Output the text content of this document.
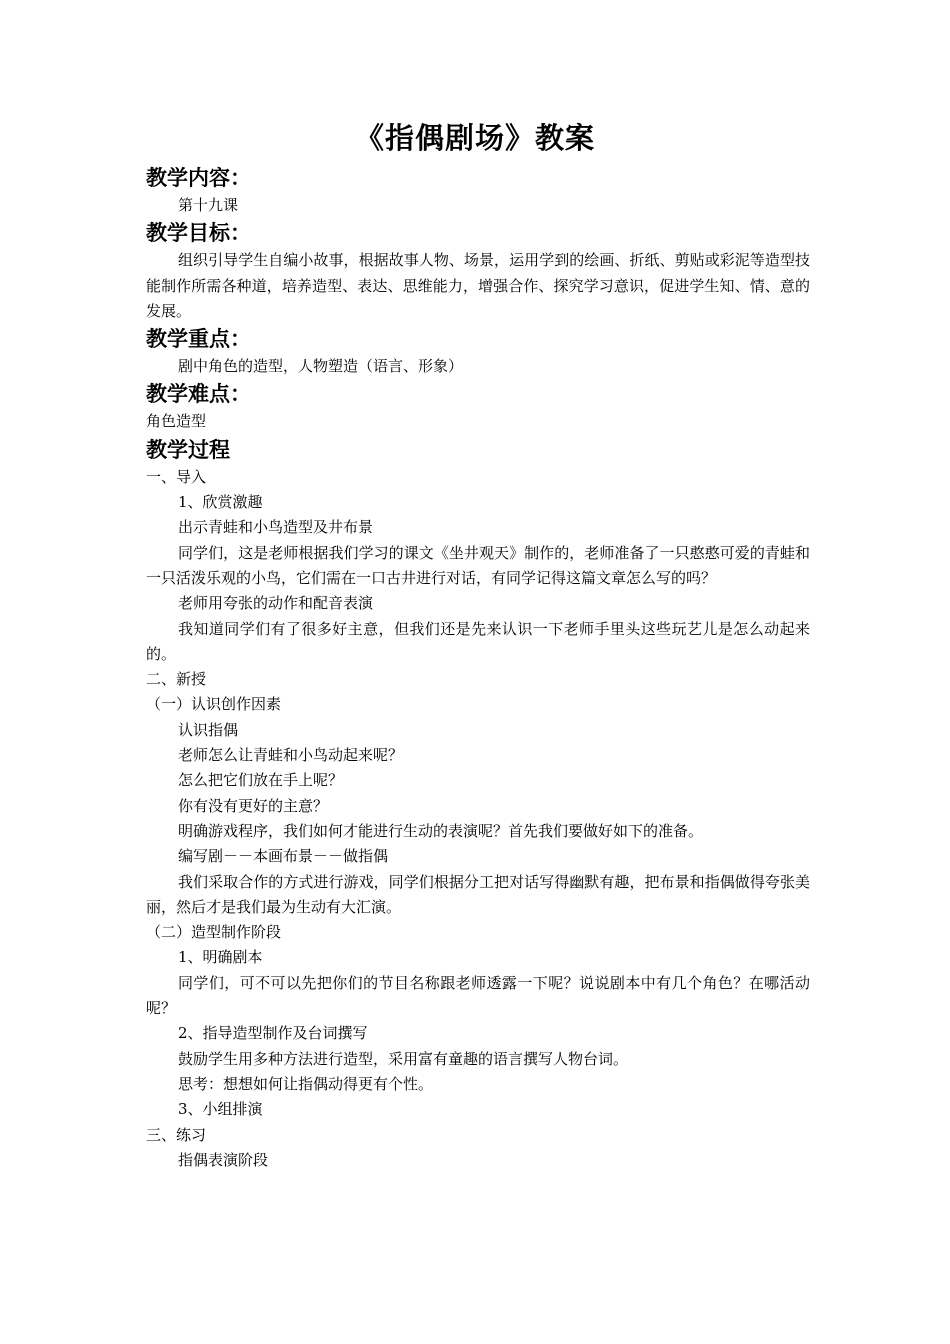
《指偶剧场》教案
教学内容：

第十九课

教学目标：

组织引导学生自编小故事，根据故事人物、场景，运用学到的绘画、折纸、剪贴或彩泥等造型技能制作所需各种道，培养造型、表达、思维能力，增强合作、探究学习意识，促进学生知、情、意的发展。

教学重点：

剧中角色的造型，人物塑造（语言、形象）

教学难点：

角色造型

教学过程

一、导入

1、欣赏激趣

出示青蛙和小鸟造型及井布景

同学们，这是老师根据我们学习的课文《坐井观天》制作的，老师准备了一只憨憨可爱的青蛙和一只活泼乐观的小鸟，它们需在一口古井进行对话，有同学记得这篇文章怎么写的吗？

老师用夸张的动作和配音表演

我知道同学们有了很多好主意，但我们还是先来认识一下老师手里头这些玩艺儿是怎么动起来的。

二、新授

（一）认识创作因素

认识指偶

老师怎么让青蛙和小鸟动起来呢？

怎么把它们放在手上呢？

你有没有更好的主意？

明确游戏程序，我们如何才能进行生动的表演呢？首先我们要做好如下的准备。

编写剧－－本画布景－－做指偶

我们采取合作的方式进行游戏，同学们根据分工把对话写得幽默有趣，把布景和指偶做得夸张美丽，然后才是我们最为生动有大汇演。

（二）造型制作阶段

1、明确剧本

同学们，可不可以先把你们的节目名称跟老师透露一下呢？说说剧本中有几个角色？在哪活动呢？

2、指导造型制作及台词撰写

鼓励学生用多种方法进行造型，采用富有童趣的语言撰写人物台词。

思考：想想如何让指偶动得更有个性。

3、小组排演

三、练习

指偶表演阶段
